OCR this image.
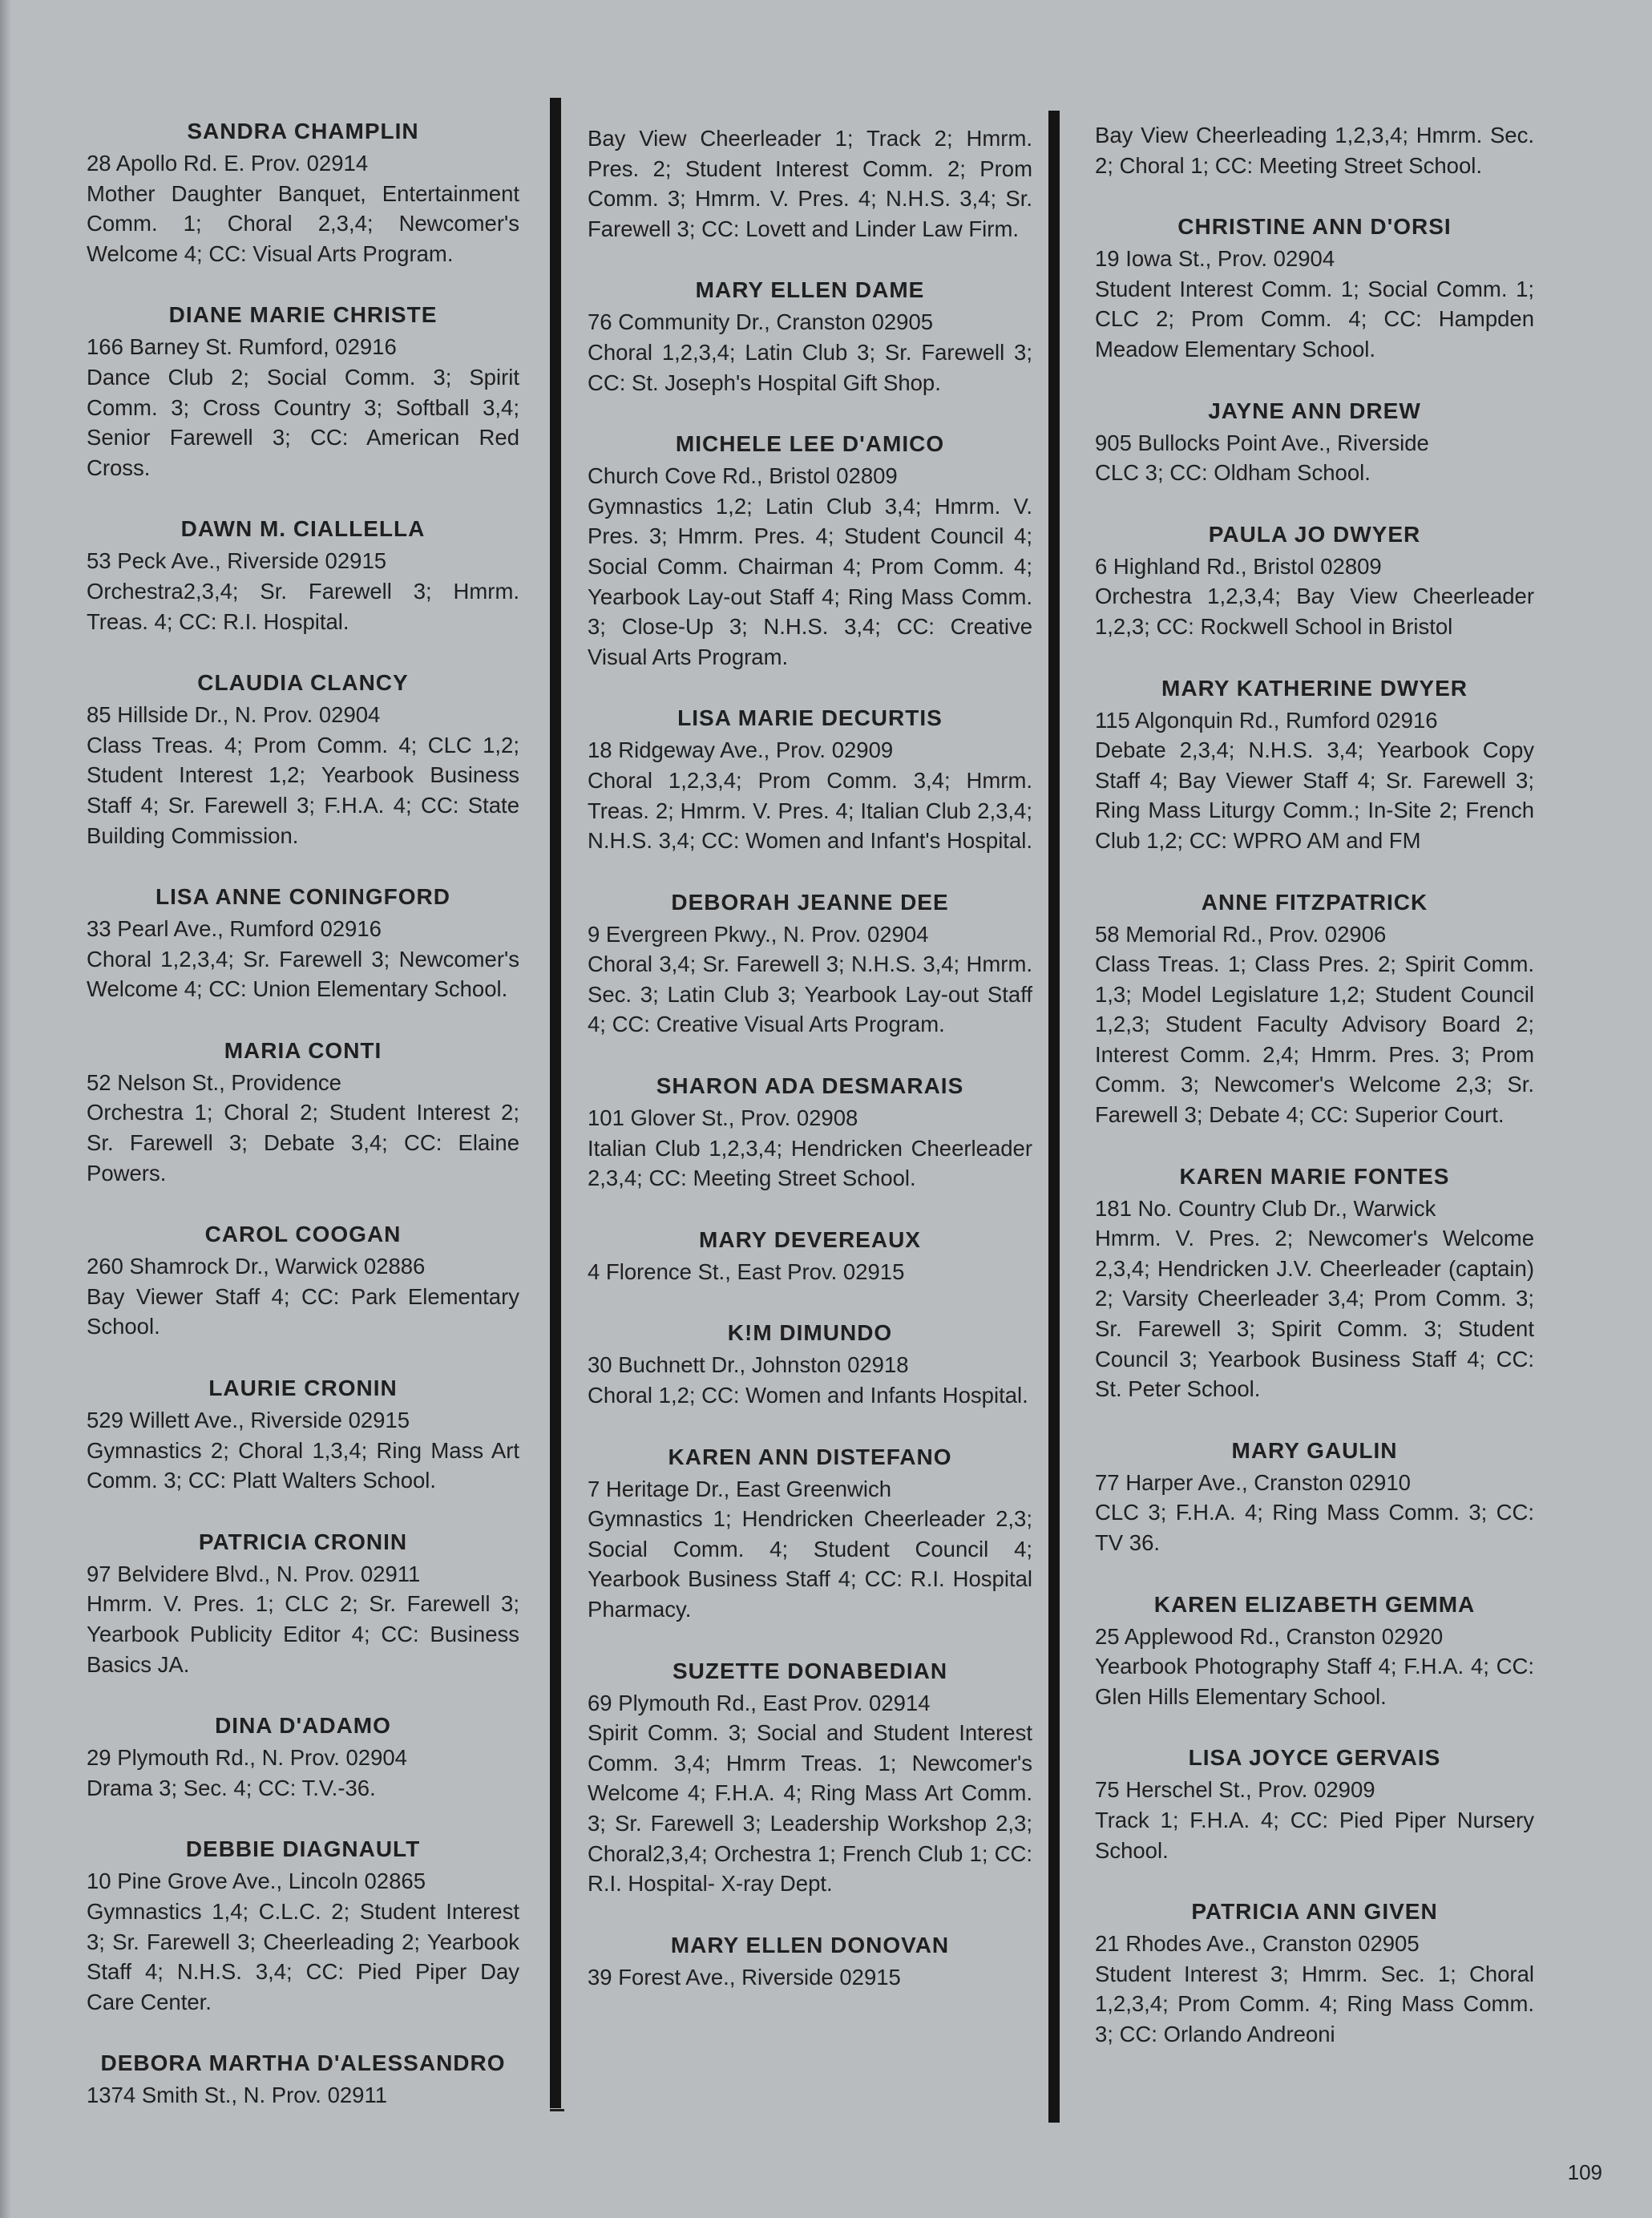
SANDRA CHAMPLIN
28 Apollo Rd. E. Prov. 02914
Mother Daughter Banquet, Entertainment Comm. 1; Choral 2,3,4; Newcomer's Welcome 4; CC: Visual Arts Program.
DIANE MARIE CHRISTE
166 Barney St. Rumford, 02916
Dance Club 2; Social Comm. 3; Spirit Comm. 3; Cross Country 3; Softball 3,4; Senior Farewell 3; CC: American Red Cross.
DAWN M. CIALLELLA
53 Peck Ave., Riverside 02915
Orchestra2,3,4; Sr. Farewell 3; Hmrm. Treas. 4; CC: R.I. Hospital.
CLAUDIA CLANCY
85 Hillside Dr., N. Prov. 02904
Class Treas. 4; Prom Comm. 4; CLC 1,2; Student Interest 1,2; Yearbook Business Staff 4; Sr. Farewell 3; F.H.A. 4; CC: State Building Commission.
LISA ANNE CONINGFORD
33 Pearl Ave., Rumford 02916
Choral 1,2,3,4; Sr. Farewell 3; Newcomer's Welcome 4; CC: Union Elementary School.
MARIA CONTI
52 Nelson St., Providence
Orchestra 1; Choral 2; Student Interest 2; Sr. Farewell 3; Debate 3,4; CC: Elaine Powers.
CAROL COOGAN
260 Shamrock Dr., Warwick 02886
Bay Viewer Staff 4; CC: Park Elementary School.
LAURIE CRONIN
529 Willett Ave., Riverside 02915
Gymnastics 2; Choral 1,3,4; Ring Mass Art Comm. 3; CC: Platt Walters School.
PATRICIA CRONIN
97 Belvidere Blvd., N. Prov. 02911
Hmrm. V. Pres. 1; CLC 2; Sr. Farewell 3; Yearbook Publicity Editor 4; CC: Business Basics JA.
DINA D'ADAMO
29 Plymouth Rd., N. Prov. 02904
Drama 3; Sec. 4; CC: T.V.-36.
DEBBIE DIAGNAULT
10 Pine Grove Ave., Lincoln 02865
Gymnastics 1,4; C.L.C. 2; Student Interest 3; Sr. Farewell 3; Cheerleading 2; Yearbook Staff 4; N.H.S. 3,4; CC: Pied Piper Day Care Center.
DEBORA MARTHA D'ALESSANDRO
1374 Smith St., N. Prov. 02911
Bay View Cheerleader 1; Track 2; Hmrm. Pres. 2; Student Interest Comm. 2; Prom Comm. 3; Hmrm. V. Pres. 4; N.H.S. 3,4; Sr. Farewell 3; CC: Lovett and Linder Law Firm.
MARY ELLEN DAME
76 Community Dr., Cranston 02905
Choral 1,2,3,4; Latin Club 3; Sr. Farewell 3; CC: St. Joseph's Hospital Gift Shop.
MICHELE LEE D'AMICO
Church Cove Rd., Bristol 02809
Gymnastics 1,2; Latin Club 3,4; Hmrm. V. Pres. 3; Hmrm. Pres. 4; Student Council 4; Social Comm. Chairman 4; Prom Comm. 4; Yearbook Lay-out Staff 4; Ring Mass Comm. 3; Close-Up 3; N.H.S. 3,4; CC: Creative Visual Arts Program.
LISA MARIE DECURTIS
18 Ridgeway Ave., Prov. 02909
Choral 1,2,3,4; Prom Comm. 3,4; Hmrm. Treas. 2; Hmrm. V. Pres. 4; Italian Club 2,3,4; N.H.S. 3,4; CC: Women and Infant's Hospital.
DEBORAH JEANNE DEE
9 Evergreen Pkwy., N. Prov. 02904
Choral 3,4; Sr. Farewell 3; N.H.S. 3,4; Hmrm. Sec. 3; Latin Club 3; Yearbook Lay-out Staff 4; CC: Creative Visual Arts Program.
SHARON ADA DESMARAIS
101 Glover St., Prov. 02908
Italian Club 1,2,3,4; Hendricken Cheerleader 2,3,4; CC: Meeting Street School.
MARY DEVEREAUX
4 Florence St., East Prov. 02915
K!M DIMUNDO
30 Buchnett Dr., Johnston 02918
Choral 1,2; CC: Women and Infants Hospital.
KAREN ANN DISTEFANO
7 Heritage Dr., East Greenwich
Gymnastics 1; Hendricken Cheerleader 2,3; Social Comm. 4; Student Council 4; Yearbook Business Staff 4; CC: R.I. Hospital Pharmacy.
SUZETTE DONABEDIAN
69 Plymouth Rd., East Prov. 02914
Spirit Comm. 3; Social and Student Interest Comm. 3,4; Hmrm Treas. 1; Newcomer's Welcome 4; F.H.A. 4; Ring Mass Art Comm. 3; Sr. Farewell 3; Leadership Workshop 2,3; Choral2,3,4; Orchestra 1; French Club 1; CC: R.I. Hospital- X-ray Dept.
MARY ELLEN DONOVAN
39 Forest Ave., Riverside 02915
Bay View Cheerleading 1,2,3,4; Hmrm. Sec. 2; Choral 1; CC: Meeting Street School.
CHRISTINE ANN D'ORSI
19 Iowa St., Prov. 02904
Student Interest Comm. 1; Social Comm. 1; CLC 2; Prom Comm. 4; CC: Hampden Meadow Elementary School.
JAYNE ANN DREW
905 Bullocks Point Ave., Riverside
CLC 3; CC: Oldham School.
PAULA JO DWYER
6 Highland Rd., Bristol 02809
Orchestra 1,2,3,4; Bay View Cheerleader 1,2,3; CC: Rockwell School in Bristol
MARY KATHERINE DWYER
115 Algonquin Rd., Rumford 02916
Debate 2,3,4; N.H.S. 3,4; Yearbook Copy Staff 4; Bay Viewer Staff 4; Sr. Farewell 3; Ring Mass Liturgy Comm.; In-Site 2; French Club 1,2; CC: WPRO AM and FM
ANNE FITZPATRICK
58 Memorial Rd., Prov. 02906
Class Treas. 1; Class Pres. 2; Spirit Comm. 1,3; Model Legislature 1,2; Student Council 1,2,3; Student Faculty Advisory Board 2; Interest Comm. 2,4; Hmrm. Pres. 3; Prom Comm. 3; Newcomer's Welcome 2,3; Sr. Farewell 3; Debate 4; CC: Superior Court.
KAREN MARIE FONTES
181 No. Country Club Dr., Warwick
Hmrm. V. Pres. 2; Newcomer's Welcome 2,3,4; Hendricken J.V. Cheerleader (captain) 2; Varsity Cheerleader 3,4; Prom Comm. 3; Sr. Farewell 3; Spirit Comm. 3; Student Council 3; Yearbook Business Staff 4; CC: St. Peter School.
MARY GAULIN
77 Harper Ave., Cranston 02910
CLC 3; F.H.A. 4; Ring Mass Comm. 3; CC: TV 36.
KAREN ELIZABETH GEMMA
25 Applewood Rd., Cranston 02920
Yearbook Photography Staff 4; F.H.A. 4; CC: Glen Hills Elementary School.
LISA JOYCE GERVAIS
75 Herschel St., Prov. 02909
Track 1; F.H.A. 4; CC: Pied Piper Nursery School.
PATRICIA ANN GIVEN
21 Rhodes Ave., Cranston 02905
Student Interest 3; Hmrm. Sec. 1; Choral 1,2,3,4; Prom Comm. 4; Ring Mass Comm. 3; CC: Orlando Andreoni
109
